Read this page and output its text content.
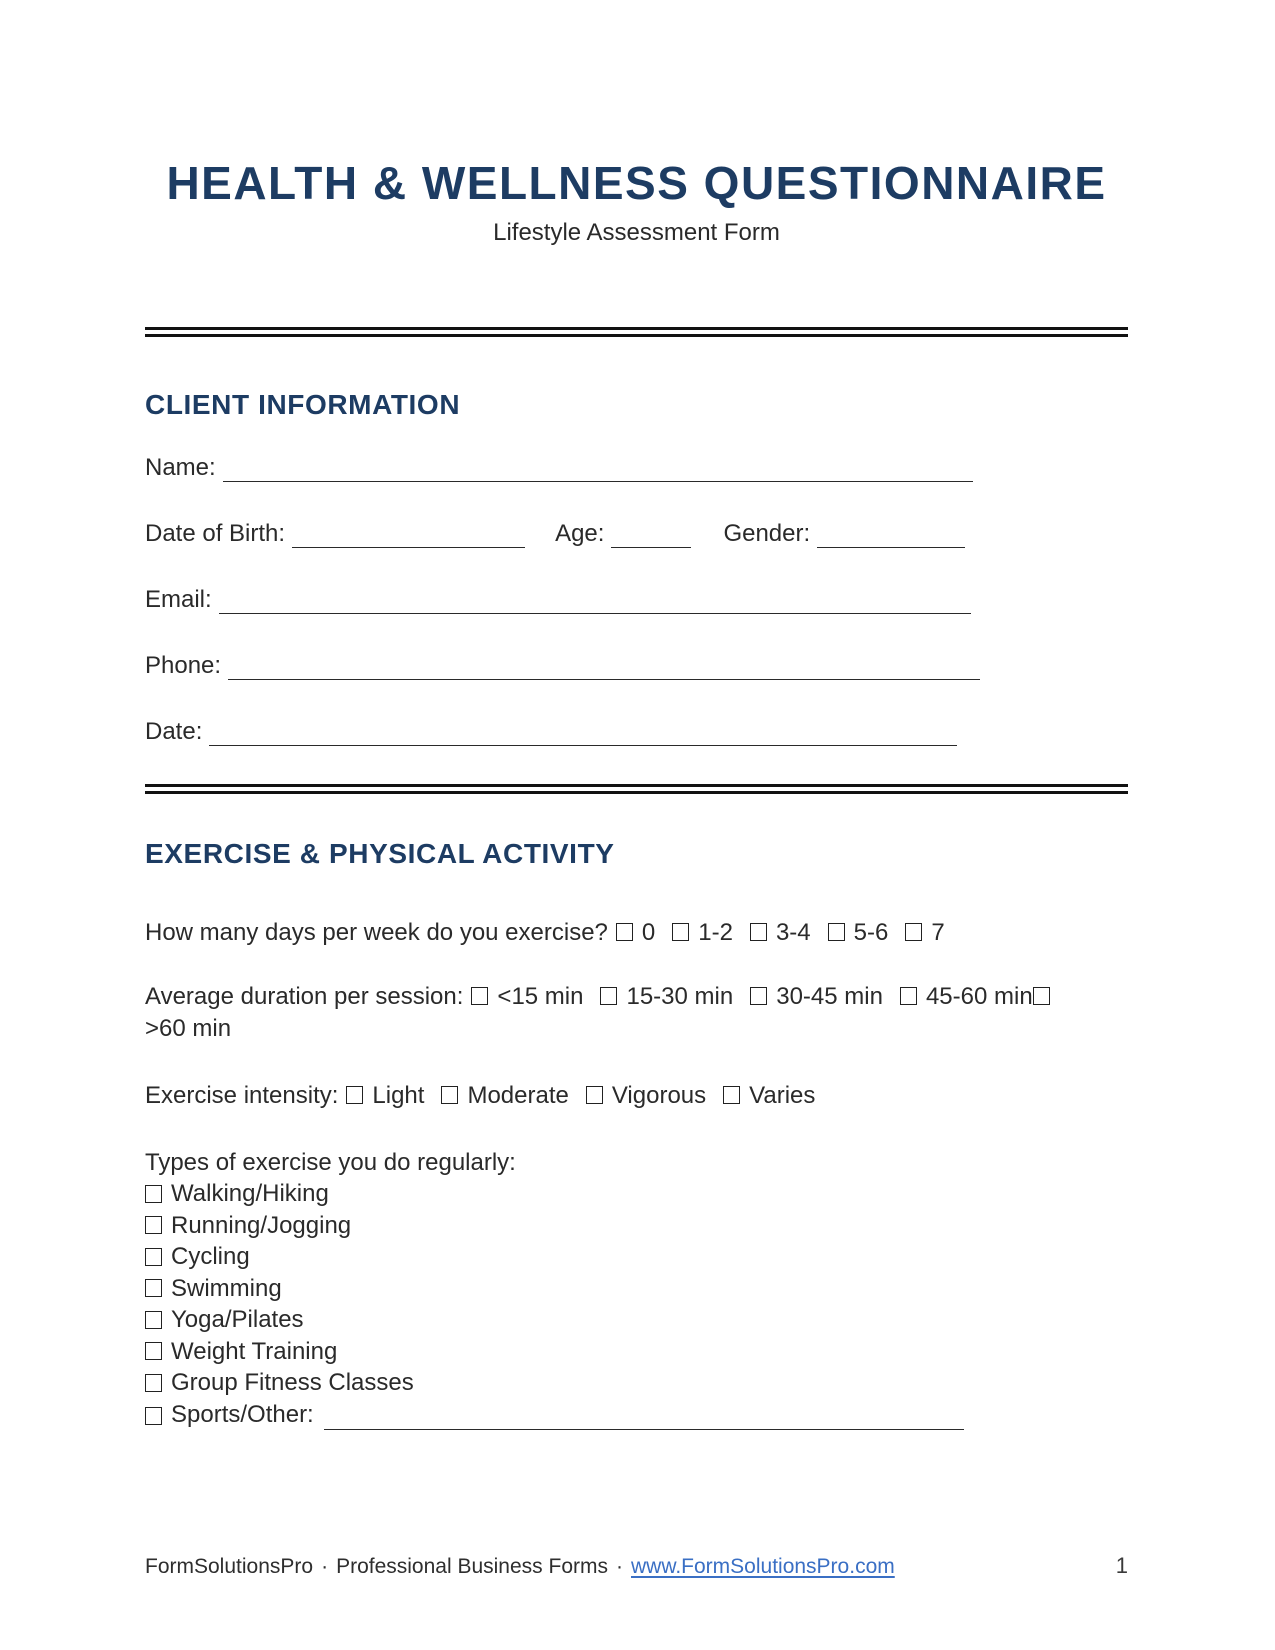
HEALTH & WELLNESS QUESTIONNAIRE
Lifestyle Assessment Form
CLIENT INFORMATION
Name:
Date of Birth:	Age:	Gender:
Email:
Phone:
Date:
EXERCISE & PHYSICAL ACTIVITY
How many days per week do you exercise? 0 1-2 3-4 5-6 7
Average duration per session: <15 min 15-30 min 30-45 min 45-60 min
>60 min
Exercise intensity: Light Moderate Vigorous Varies
Types of exercise you do regularly:
Walking/Hiking
Running/Jogging
Cycling
Swimming
Yoga/Pilates
Weight Training
Group Fitness Classes
Sports/Other:
FormSolutionsPro · Professional Business Forms · www.FormSolutionsPro.com	1
